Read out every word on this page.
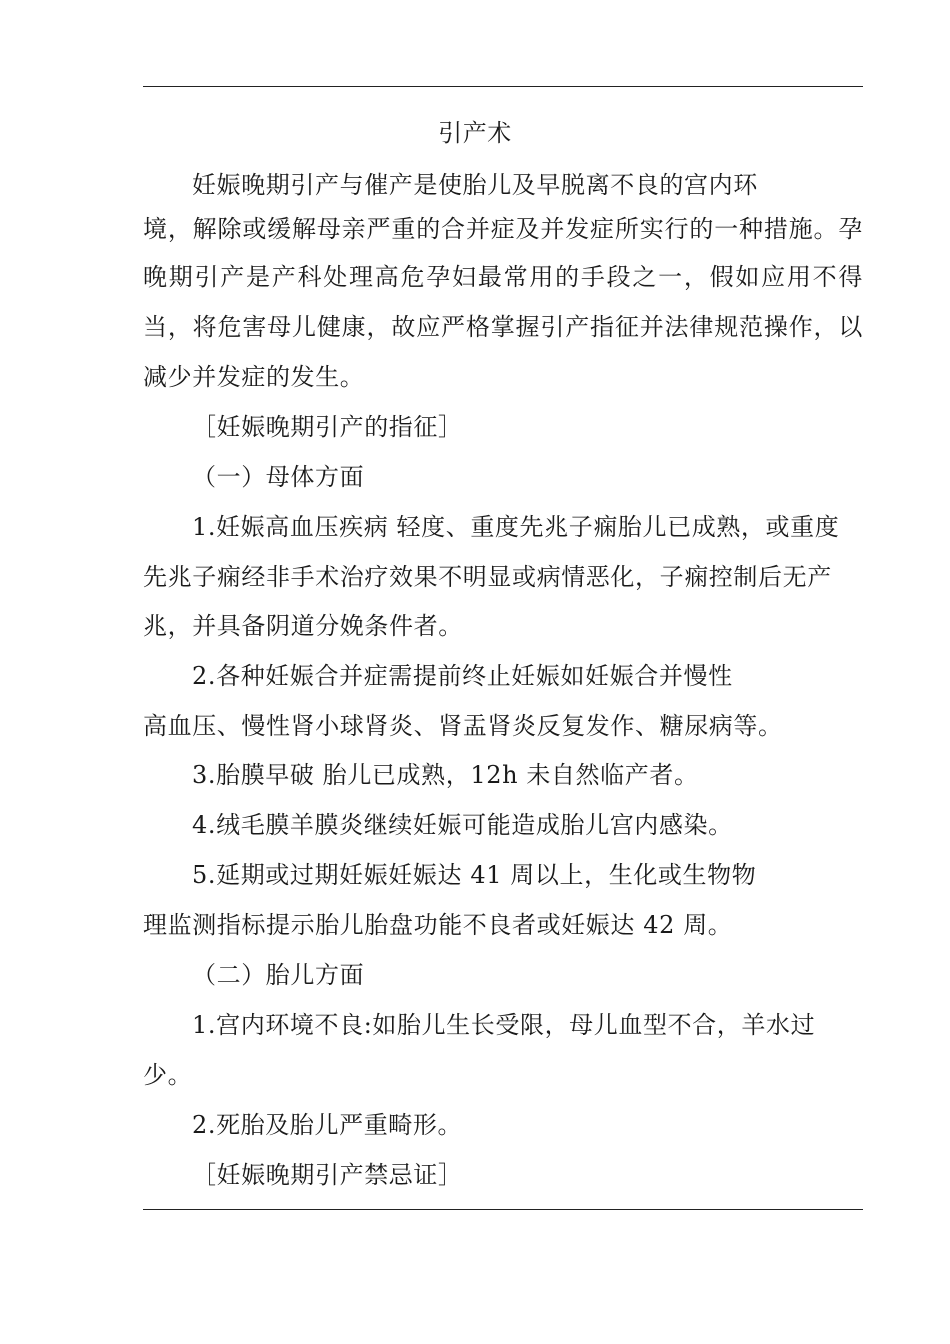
引产术
妊娠晚期引产与催产是使胎儿及早脱离不良的宫内环
境，解除或缓解母亲严重的合并症及并发症所实行的一种措施。孕
晚期引产是产科处理高危孕妇最常用的手段之一，假如应用不得
当，将危害母儿健康，故应严格掌握引产指征并法律规范操作，以
减少并发症的发生。
［妊娠晚期引产的指征］
（一）母体方面
1.妊娠高血压疾病 轻度、重度先兆子痫胎儿已成熟，或重度
先兆子痫经非手术治疗效果不明显或病情恶化，子痫控制后无产
兆，并具备阴道分娩条件者。
2.各种妊娠合并症需提前终止妊娠如妊娠合并慢性
高血压、慢性肾小球肾炎、肾盂肾炎反复发作、糖尿病等。
3.胎膜早破 胎儿已成熟，12h 未自然临产者。
4.绒毛膜羊膜炎继续妊娠可能造成胎儿宫内感染。
5.延期或过期妊娠妊娠达 41 周以上，生化或生物物
理监测指标提示胎儿胎盘功能不良者或妊娠达 42 周。
（二）胎儿方面
1.宫内环境不良:如胎儿生长受限，母儿血型不合，羊水过
少。
2.死胎及胎儿严重畸形。
［妊娠晚期引产禁忌证］
